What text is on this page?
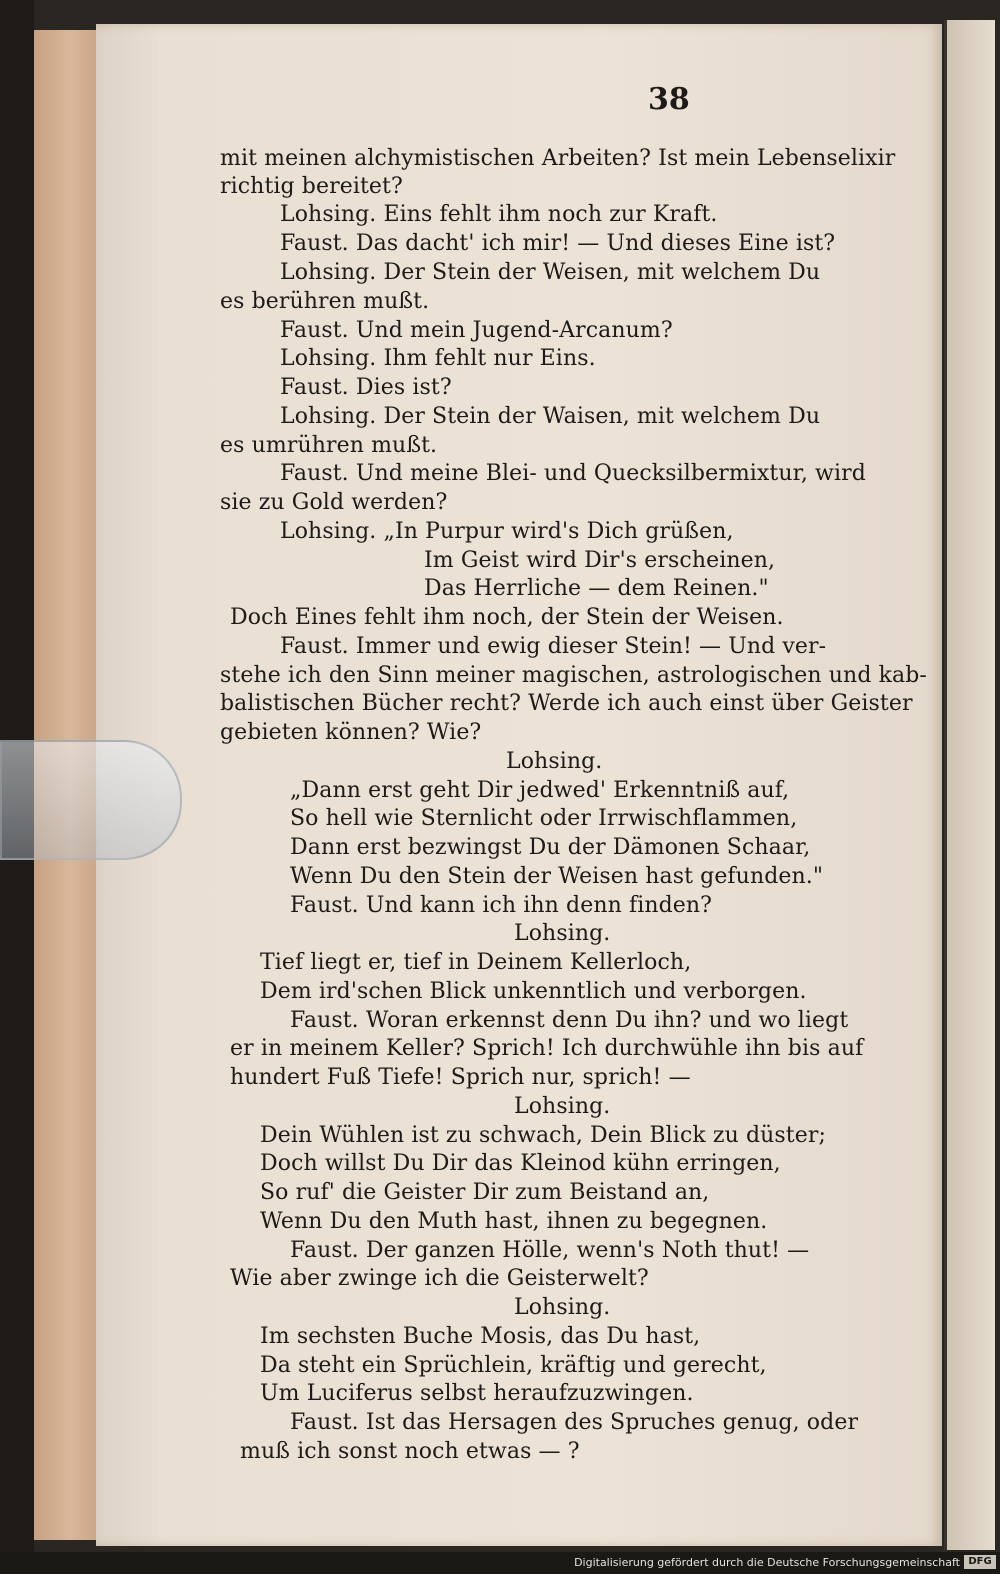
38
mit meinen alchymistischen Arbeiten? Ist mein Lebenselixir
richtig bereitet?
Lohsing. Eins fehlt ihm noch zur Kraft.
Faust. Das dacht' ich mir! — Und dieses Eine ist?
Lohsing. Der Stein der Weisen, mit welchem Du
es berühren mußt.
Faust. Und mein Jugend-Arcanum?
Lohsing. Ihm fehlt nur Eins.
Faust. Dies ist?
Lohsing. Der Stein der Waisen, mit welchem Du
es umrühren mußt.
Faust. Und meine Blei- und Quecksilbermixtur, wird
sie zu Gold werden?
Lohsing. „In Purpur wird's Dich grüßen,
Im Geist wird Dir's erscheinen,
Das Herrliche — dem Reinen."
Doch Eines fehlt ihm noch, der Stein der Weisen.
Faust. Immer und ewig dieser Stein! — Und ver-
stehe ich den Sinn meiner magischen, astrologischen und kab-
balistischen Bücher recht? Werde ich auch einst über Geister
gebieten können? Wie?
Lohsing.
„Dann erst geht Dir jedwed' Erkenntniß auf,
So hell wie Sternlicht oder Irrwischflammen,
Dann erst bezwingst Du der Dämonen Schaar,
Wenn Du den Stein der Weisen hast gefunden."
Faust. Und kann ich ihn denn finden?
Lohsing.
Tief liegt er, tief in Deinem Kellerloch,
Dem ird'schen Blick unkenntlich und verborgen.
Faust. Woran erkennst denn Du ihn? und wo liegt
er in meinem Keller? Sprich! Ich durchwühle ihn bis auf
hundert Fuß Tiefe! Sprich nur, sprich! —
Lohsing.
Dein Wühlen ist zu schwach, Dein Blick zu düster;
Doch willst Du Dir das Kleinod kühn erringen,
So ruf' die Geister Dir zum Beistand an,
Wenn Du den Muth hast, ihnen zu begegnen.
Faust. Der ganzen Hölle, wenn's Noth thut! —
Wie aber zwinge ich die Geisterwelt?
Lohsing.
Im sechsten Buche Mosis, das Du hast,
Da steht ein Sprüchlein, kräftig und gerecht,
Um Luciferus selbst heraufzuzwingen.
Faust. Ist das Hersagen des Spruches genug, oder
muß ich sonst noch etwas — ?
Digitalisierung gefördert durch die Deutsche Forschungsgemeinschaft DFG
